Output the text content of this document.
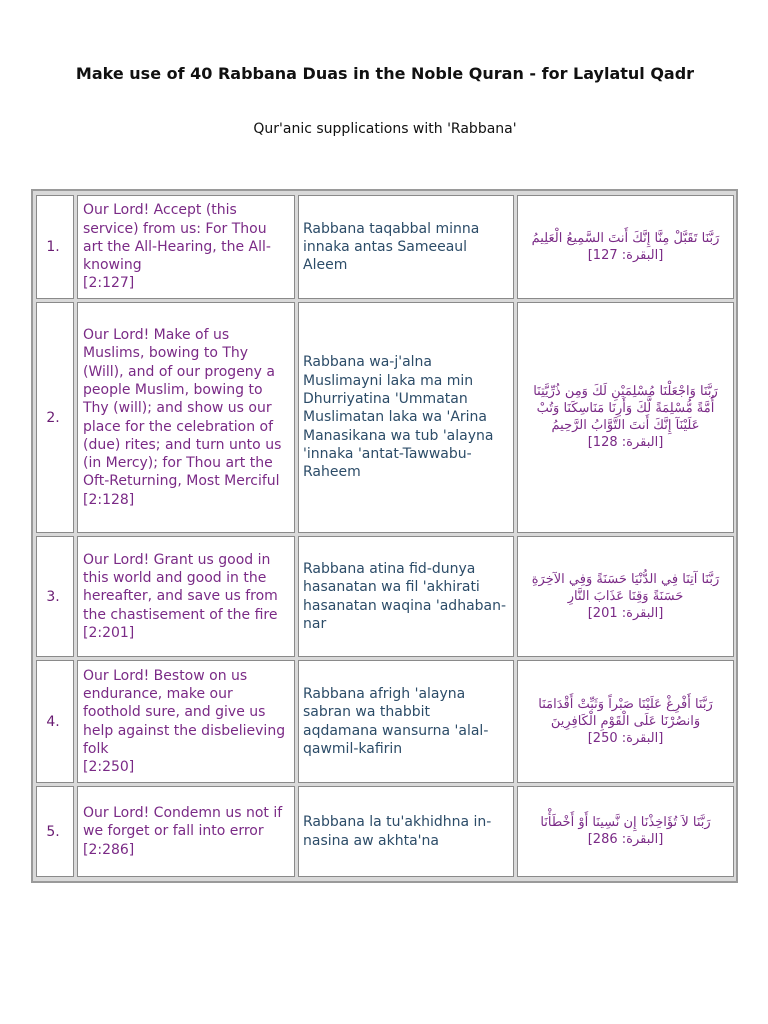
Make use of 40 Rabbana Duas in the Noble Quran - for Laylatul Qadr
Qur'anic supplications with 'Rabbana'
1.
Our Lord! Accept (this service) from us: For Thou art the All-Hearing, the All-knowing
[2:127]
Rabbana taqabbal minna innaka antas Sameeaul Aleem
رَبَّنَا تَقَبَّلْ مِنَّا إِنَّكَ أَنتَ السَّمِيعُ الْعَلِيمُ
[البقرة: 127]
2.
Our Lord! Make of us Muslims, bowing to Thy (Will), and of our progeny a people Muslim, bowing to Thy (will); and show us our place for the celebration of (due) rites; and turn unto us (in Mercy); for Thou art the Oft-Returning, Most Merciful
[2:128]
Rabbana wa-j'alna Muslimayni laka ma min Dhurriyatina 'Ummatan Muslimatan laka wa 'Arina Manasikana wa tub 'alayna 'innaka 'antat-Tawwabu-Raheem
رَبَّنَا وَاجْعَلْنَا مُسْلِمَيْنِ لَكَ وَمِن ذُرِّيَّتِنَا أُمَّةً مُّسْلِمَةً لَّكَ وَأَرِنَا مَنَاسِكَنَا وَتُبْ عَلَيْنَآ إِنَّكَ أَنتَ التَّوَّابُ الرَّحِيمُ
[البقرة: 128]
3.
Our Lord! Grant us good in this world and good in the hereafter, and save us from the chastisement of the fire
[2:201]
Rabbana atina fid-dunya hasanatan wa fil 'akhirati hasanatan waqina 'adhaban-nar
رَبَّنَا آتِنَا فِي الدُّنْيَا حَسَنَةً وَفِي الآخِرَةِ حَسَنَةً وَقِنَا عَذَابَ النَّارِ
[البقرة: 201]
4.
Our Lord! Bestow on us endurance, make our foothold sure, and give us help against the disbelieving folk
[2:250]
Rabbana afrigh 'alayna sabran wa thabbit aqdamana wansurna 'alal-qawmil-kafirin
رَبَّنَا أَفْرِغْ عَلَيْنَا صَبْراً وَثَبِّتْ أَقْدَامَنَا وَانصُرْنَا عَلَى الْقَوْمِ الْكَافِرِينَ
[البقرة: 250]
5.
Our Lord! Condemn us not if we forget or fall into error
[2:286]
Rabbana la tu'akhidhna in-nasina aw akhta'na
رَبَّنَا لاَ تُؤَاخِذْنَا إِن نَّسِينَا أَوْ أَخْطَأْنَا
[البقرة: 286]
